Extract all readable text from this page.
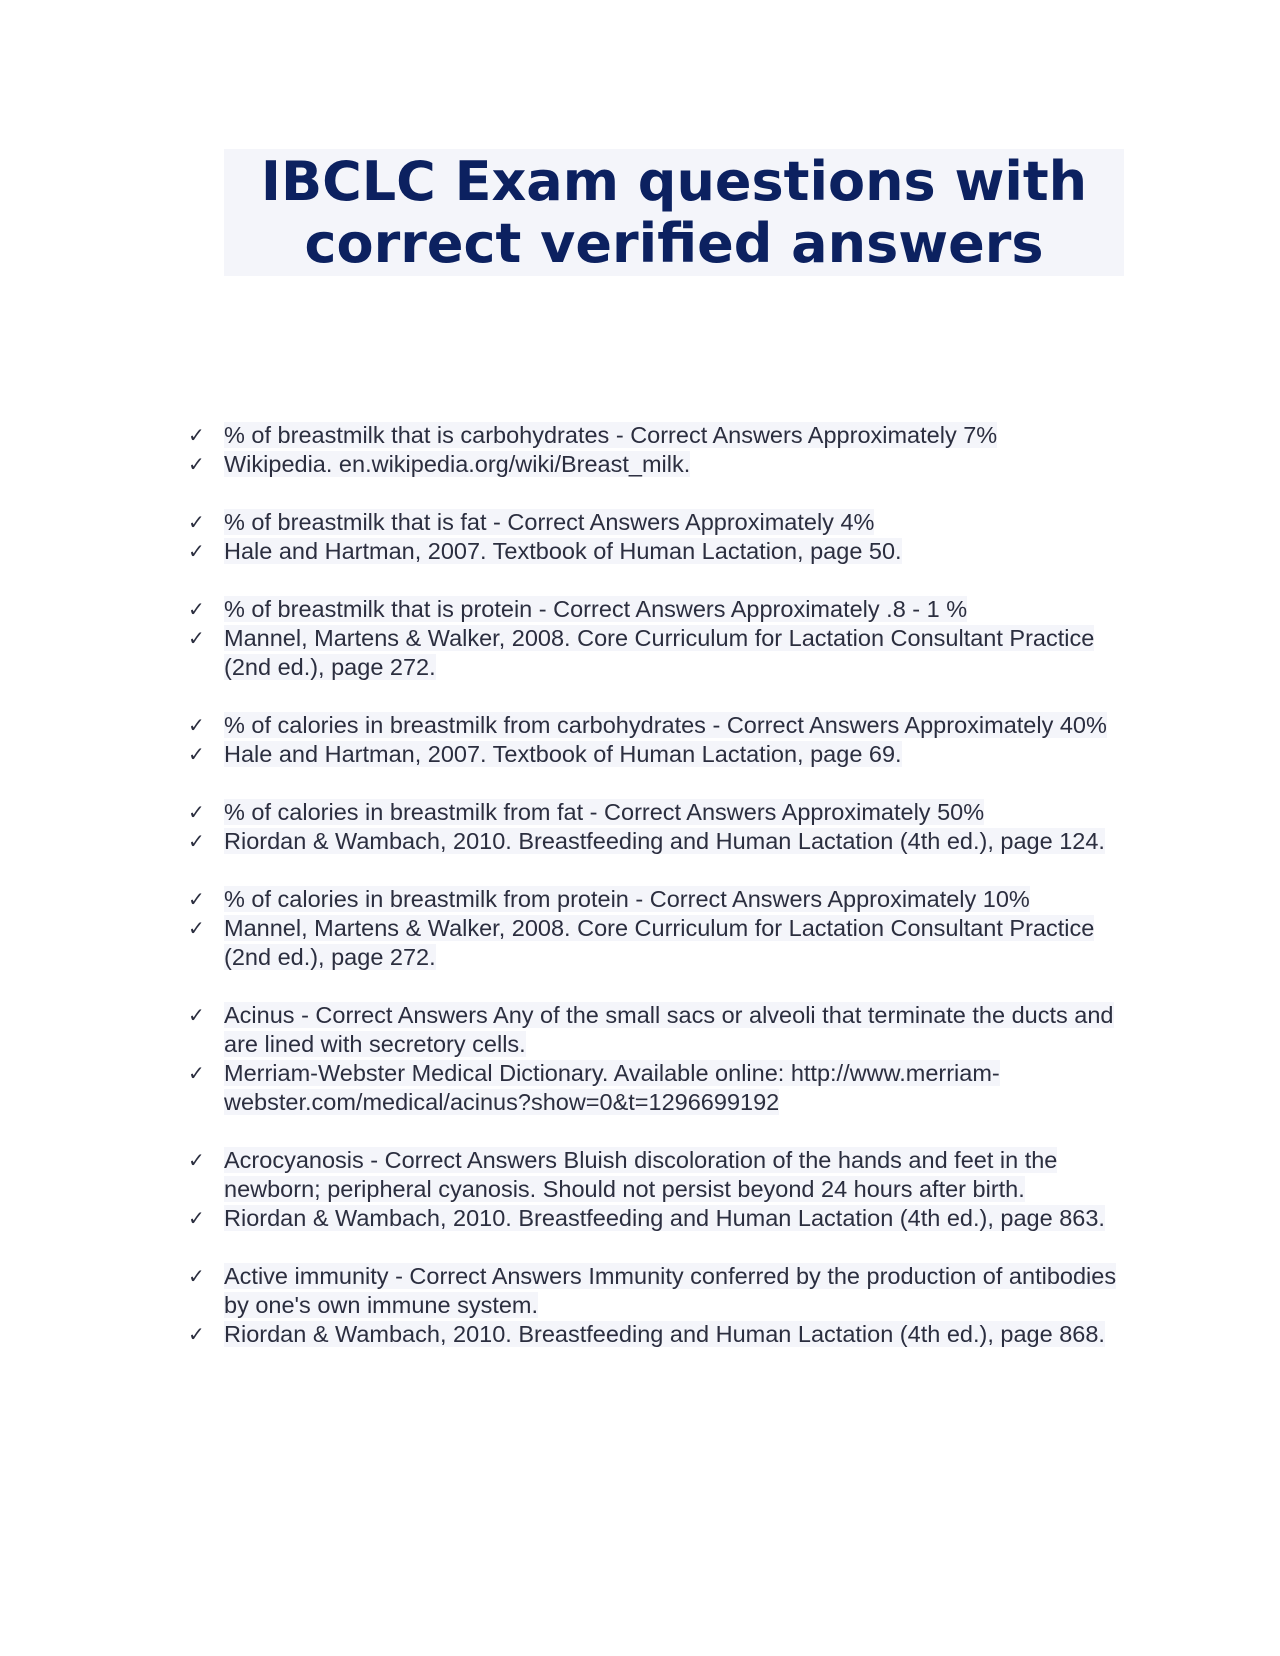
IBCLC Exam questions with
correct verified answers
✓ % of breastmilk that is carbohydrates - Correct Answers Approximately 7%
✓ Wikipedia. en.wikipedia.org/wiki/Breast_milk.
✓ % of breastmilk that is fat - Correct Answers Approximately 4%
✓ Hale and Hartman, 2007. Textbook of Human Lactation, page 50.
✓ % of breastmilk that is protein - Correct Answers Approximately .8 - 1 %
✓ Mannel, Martens & Walker, 2008. Core Curriculum for Lactation Consultant Practice (2nd ed.), page 272.
✓ % of calories in breastmilk from carbohydrates - Correct Answers Approximately 40%
✓ Hale and Hartman, 2007. Textbook of Human Lactation, page 69.
✓ % of calories in breastmilk from fat - Correct Answers Approximately 50%
✓ Riordan & Wambach, 2010. Breastfeeding and Human Lactation (4th ed.), page 124.
✓ % of calories in breastmilk from protein - Correct Answers Approximately 10%
✓ Mannel, Martens & Walker, 2008. Core Curriculum for Lactation Consultant Practice (2nd ed.), page 272.
✓ Acinus - Correct Answers Any of the small sacs or alveoli that terminate the ducts and are lined with secretory cells.
✓ Merriam-Webster Medical Dictionary. Available online: http://www.merriam-webster.com/medical/acinus?show=0&t=1296699192
✓ Acrocyanosis - Correct Answers Bluish discoloration of the hands and feet in the newborn; peripheral cyanosis. Should not persist beyond 24 hours after birth.
✓ Riordan & Wambach, 2010. Breastfeeding and Human Lactation (4th ed.), page 863.
✓ Active immunity - Correct Answers Immunity conferred by the production of antibodies by one's own immune system.
✓ Riordan & Wambach, 2010. Breastfeeding and Human Lactation (4th ed.), page 868.
